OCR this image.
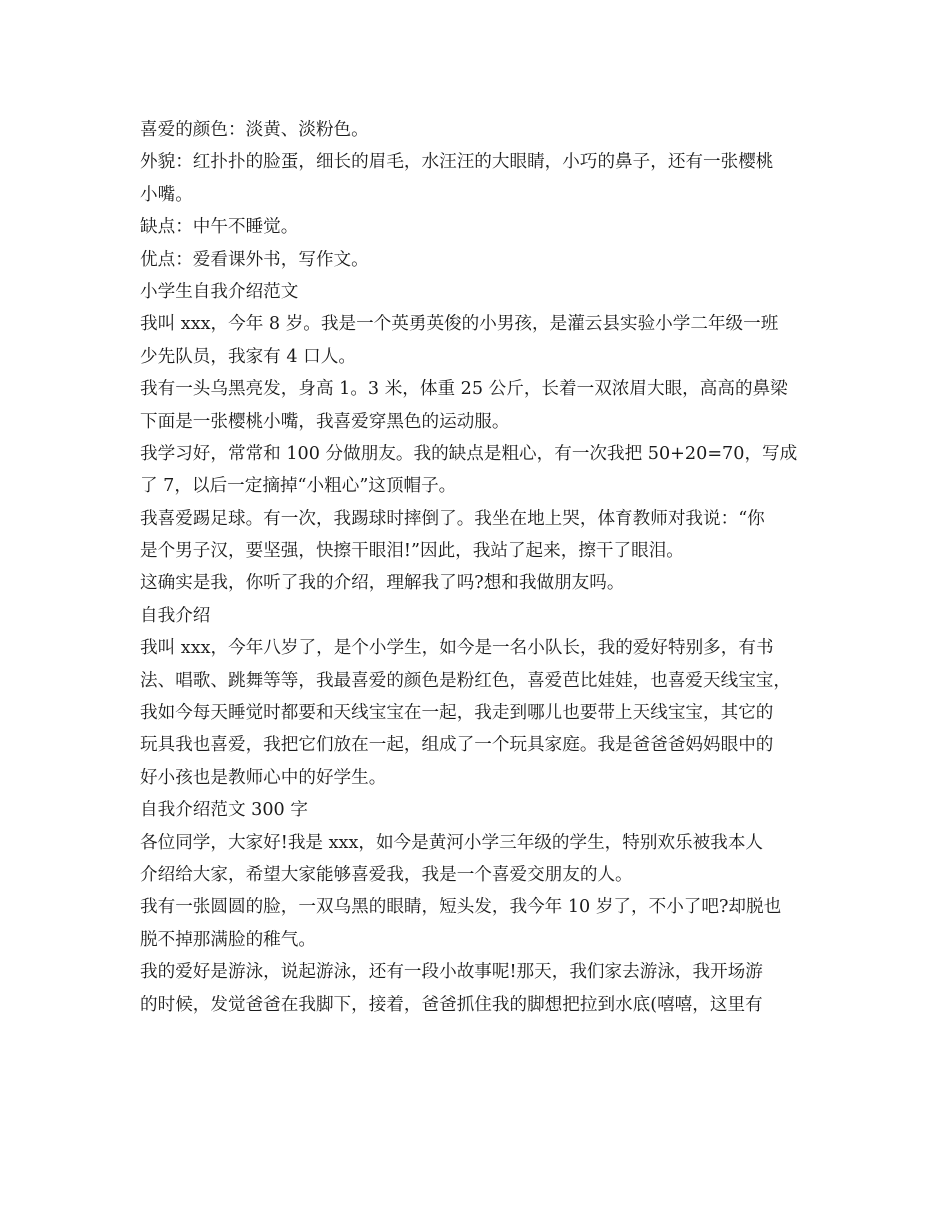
喜爱的颜色：淡黄、淡粉色。
外貌：红扑扑的脸蛋，细长的眉毛，水汪汪的大眼睛，小巧的鼻子，还有一张樱桃
小嘴。
缺点：中午不睡觉。
优点：爱看课外书，写作文。
小学生自我介绍范文
我叫 xxx，今年 8 岁。我是一个英勇英俊的小男孩，是灌云县实验小学二年级一班
少先队员，我家有 4 口人。
我有一头乌黑亮发，身高 1。3 米，体重 25 公斤，长着一双浓眉大眼，高高的鼻梁
下面是一张樱桃小嘴，我喜爱穿黑色的运动服。
我学习好，常常和 100 分做朋友。我的缺点是粗心，有一次我把 50+20=70，写成
了 7，以后一定摘掉“小粗心”这顶帽子。
我喜爱踢足球。有一次，我踢球时摔倒了。我坐在地上哭，体育教师对我说：“你
是个男子汉，要坚强，快擦干眼泪!”因此，我站了起来，擦干了眼泪。
这确实是我，你听了我的介绍，理解我了吗?想和我做朋友吗。
自我介绍
我叫 xxx，今年八岁了，是个小学生，如今是一名小队长，我的爱好特别多，有书
法、唱歌、跳舞等等，我最喜爱的颜色是粉红色，喜爱芭比娃娃，也喜爱天线宝宝，
我如今每天睡觉时都要和天线宝宝在一起，我走到哪儿也要带上天线宝宝，其它的
玩具我也喜爱，我把它们放在一起，组成了一个玩具家庭。我是爸爸爸妈妈眼中的
好小孩也是教师心中的好学生。
自我介绍范文 300 字
各位同学，大家好!我是 xxx，如今是黄河小学三年级的学生，特别欢乐被我本人
介绍给大家，希望大家能够喜爱我，我是一个喜爱交朋友的人。
我有一张圆圆的脸，一双乌黑的眼睛，短头发，我今年 10 岁了，不小了吧?却脱也
脱不掉那满脸的稚气。
我的爱好是游泳，说起游泳，还有一段小故事呢!那天，我们家去游泳，我开场游
的时候，发觉爸爸在我脚下，接着，爸爸抓住我的脚想把拉到水底(嘻嘻，这里有
